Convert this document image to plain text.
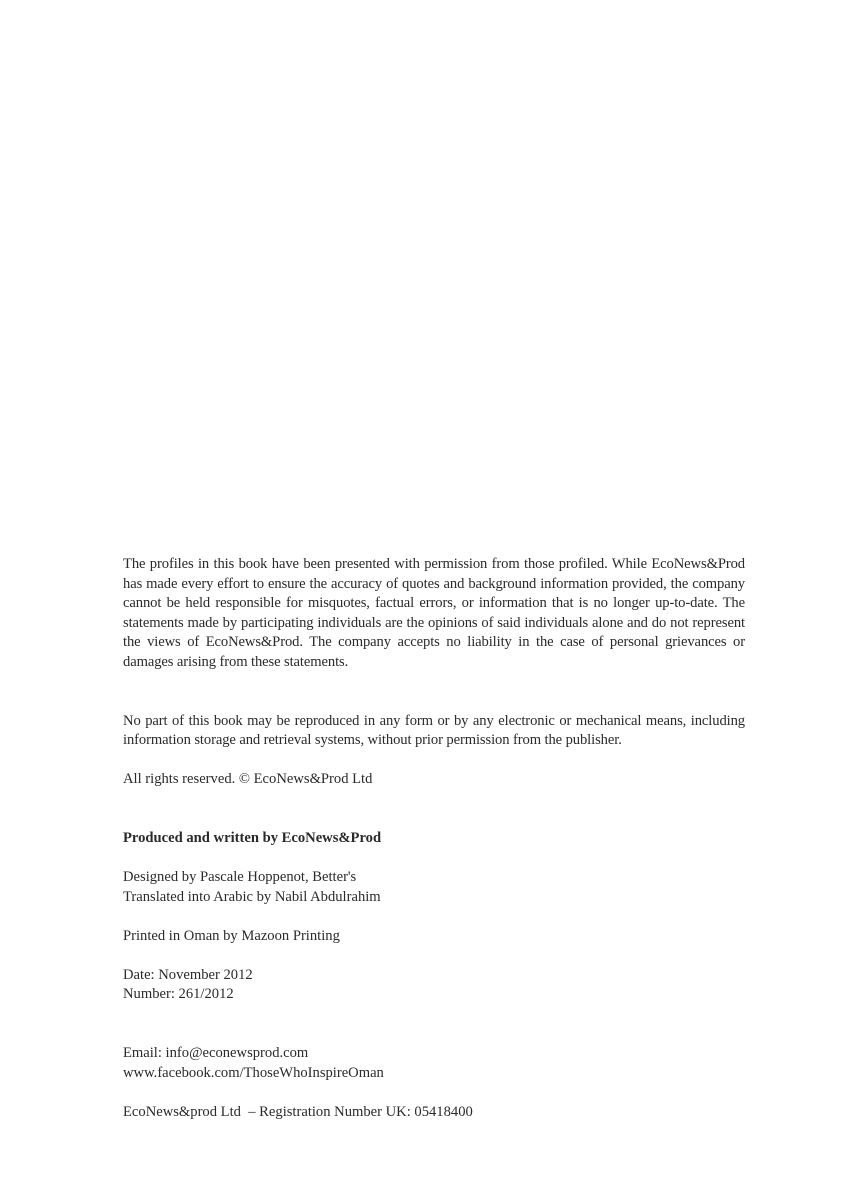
The profiles in this book have been presented with permission from those profiled. While EcoNews&Prod has made every effort to ensure the accuracy of quotes and background information provided, the company cannot be held responsible for misquotes, factual errors, or information that is no longer up-to-date. The statements made by participating individuals are the opinions of said individuals alone and do not represent the views of EcoNews&Prod. The company accepts no liability in the case of personal grievances or damages arising from these statements.

No part of this book may be reproduced in any form or by any electronic or mechanical means, including information storage and retrieval systems, without prior permission from the publisher.

All rights reserved. © EcoNews&Prod Ltd

Produced and written by EcoNews&Prod

Designed by Pascale Hoppenot, Better's
Translated into Arabic by Nabil Abdulrahim

Printed in Oman by Mazoon Printing

Date: November 2012
Number: 261/2012

Email: info@econewsprod.com
www.facebook.com/ThoseWhoInspireOman

EcoNews&prod Ltd  – Registration Number UK: 05418400
